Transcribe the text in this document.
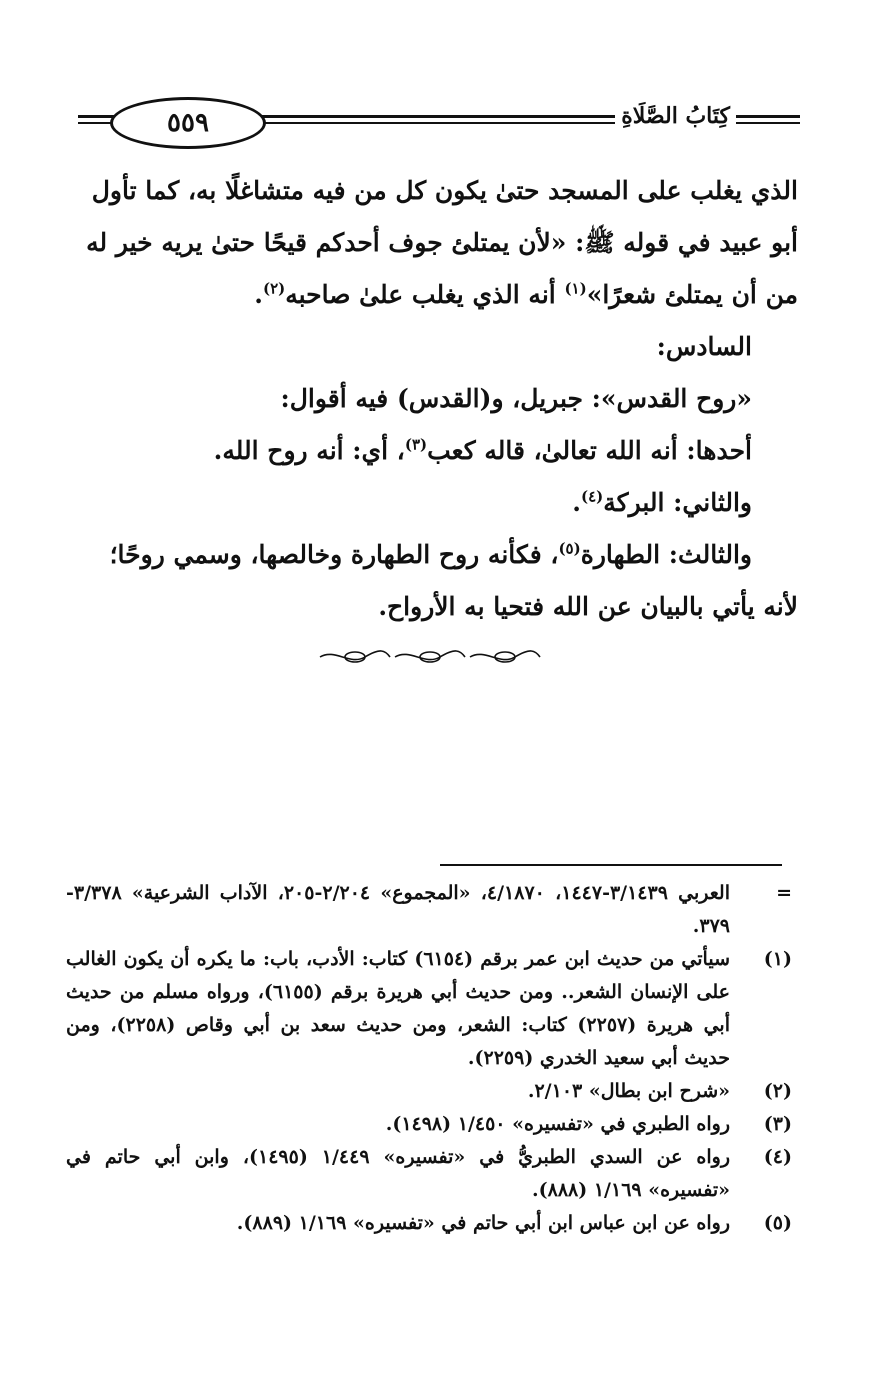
٥٥٩	كِتَابُ الصَّلَاةِ

الذي يغلب على المسجد حتىٰ يكون كل من فيه متشاغلًا به، كما تأول

أبو عبيد في قوله ﷺ: «لأن يمتلئ جوف أحدكم قيحًا حتىٰ يريه خير له

من أن يمتلئ شعرًا»$^{(١)}$ أنه الذي يغلب علىٰ صاحبه$^{(٢)}$.

السادس:

«روح القدس»: جبريل، و(القدس) فيه أقوال:

أحدها: أنه الله تعالىٰ، قاله كعب$^{(٣)}$، أي: أنه روح الله.

والثاني: البركة$^{(٤)}$.

والثالث: الطهارة$^{(٥)}$، فكأنه روح الطهارة وخالصها، وسمي روحًا؛

لأنه يأتي بالبيان عن الله فتحيا به الأرواح.

=
العربي ٣/١٤٣٩-١٤٤٧، ٤/١٨٧٠، «المجموع» ٢/٢٠٤-٢٠٥، الآداب الشرعية» ٣/٣٧٨- ٣٧٩.
(١)
سيأتي من حديث ابن عمر برقم (٦١٥٤) كتاب: الأدب، باب: ما يكره أن يكون الغالب على الإنسان الشعر.. ومن حديث أبي هريرة برقم (٦١٥٥)، ورواه مسلم من حديث أبي هريرة (٢٢٥٧) كتاب: الشعر، ومن حديث سعد بن أبي وقاص (٢٢٥٨)، ومن حديث أبي سعيد الخدري (٢٢٥٩).
(٢)
«شرح ابن بطال» ٢/١٠٣.
(٣)
رواه الطبري في «تفسيره» ١/٤٥٠ (١٤٩٨).
(٤)
رواه عن السدي الطبريُّ في «تفسيره» ١/٤٤٩ (١٤٩٥)، وابن أبي حاتم في «تفسيره» ١/١٦٩ (٨٨٨).
(٥)
رواه عن ابن عباس ابن أبي حاتم في «تفسيره» ١/١٦٩ (٨٨٩).
